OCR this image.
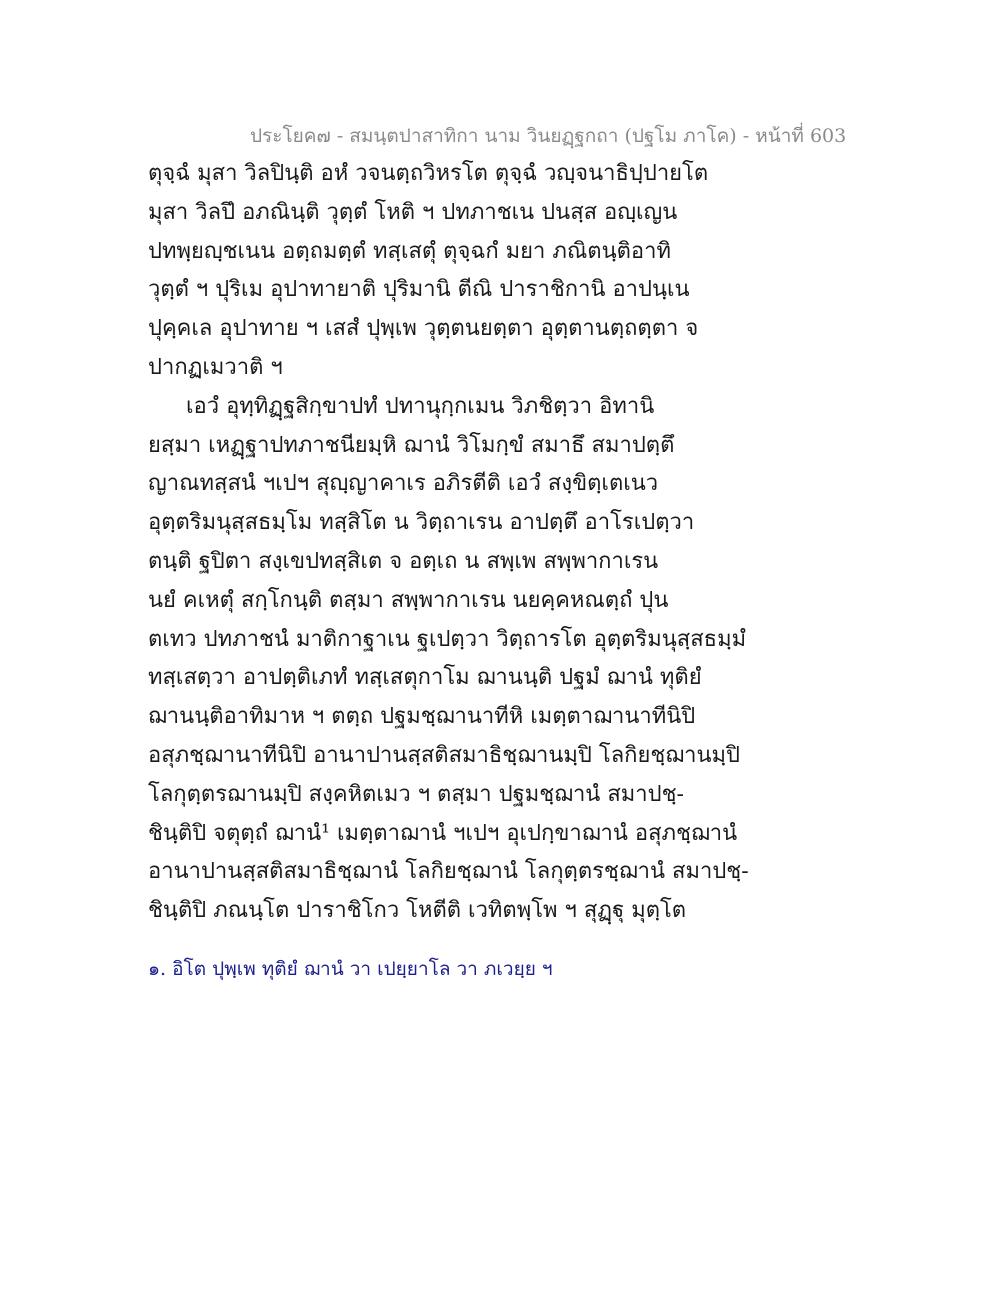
ประโยค๗ - สมนฺตปาสาทิกา นาม วินยฏฺฐกถา (ปฐโม ภาโค) - หน้าที่ 603
ตุจฺฉํ มุสา วิลปินฺติ อหํ วจนตฺถวิหรโต ตุจฺฉํ วญฺจนาธิปฺปายโต
มุสา วิลปึ อภณินฺติ วุตฺตํ โหติ ฯ ปทภาชเน ปนสฺส อญฺเญน
ปทพฺยญฺชเนน อตฺถมตฺตํ ทสฺเสตุํ ตุจฺฉกํ มยา ภณิตนฺติอาทิ
วุตฺตํ ฯ ปุริเม อุปาทายาติ ปุริมานิ ตีณิ ปาราชิกานิ อาปนฺเน
ปุคฺคเล อุปาทาย ฯ เสสํ ปุพฺเพ วุตฺตนยตฺตา อุตฺตานตฺถตฺตา จ
ปากฏเมวาติ ฯ
เอวํ อุทฺทิฏฺฐสิกฺขาปทํ ปทานุกฺกเมน วิภชิตฺวา อิทานิ
ยสฺมา เหฏฺฐาปทภาชนียมฺหิ ฌานํ วิโมกฺขํ สมาธึ สมาปตฺตึ
ญาณทสฺสนํ ฯเปฯ สุญฺญาคาเร อภิรตีติ เอวํ สงฺขิตฺเตเนว
อุตฺตริมนุสฺสธมฺโม ทสฺสิโต น วิตฺถาเรน อาปตฺตึ อาโรเปตฺวา
ตนฺติ ฐปิตา สงฺเขปทสฺสิเต จ อตฺเถ น สพฺเพ สพฺพากาเรน
นยํ คเหตุํ สกฺโกนฺติ ตสฺมา สพฺพากาเรน นยคฺคหณตฺถํ ปุน
ตเทว ปทภาชนํ มาติกาฐาเน ฐเปตฺวา วิตฺถารโต อุตฺตริมนุสฺสธมฺมํ
ทสฺเสตฺวา อาปตฺติเภทํ ทสฺเสตุกาโม ฌานนฺติ ปฐมํ ฌานํ ทุติยํ
ฌานนฺติอาทิมาห ฯ ตตฺถ ปฐมชฺฌานาทีหิ เมตฺตาฌานาทีนิปิ
อสุภชฺฌานาทีนิปิ อานาปานสฺสติสมาธิชฺฌานมฺปิ โลกิยชฺฌานมฺปิ
โลกุตฺตรฌานมฺปิ สงฺคหิตเมว ฯ ตสฺมา ปฐมชฺฌานํ สมาปชฺ-
ชินฺติปิ จตุตฺถํ ฌานํ¹ เมตฺตาฌานํ ฯเปฯ อุเปกฺขาฌานํ อสุภชฺฌานํ
อานาปานสฺสติสมาธิชฺฌานํ โลกิยชฺฌานํ โลกุตฺตรชฺฌานํ สมาปชฺ-
ชินฺติปิ ภณนฺโต ปาราชิโกว โหตีติ เวทิตพฺโพ ฯ สุฏฺฐุ มุตฺโต
๑. อิโต ปุพฺเพ ทุติยํ ฌานํ วา เปยฺยาโล วา ภเวยฺย ฯ
